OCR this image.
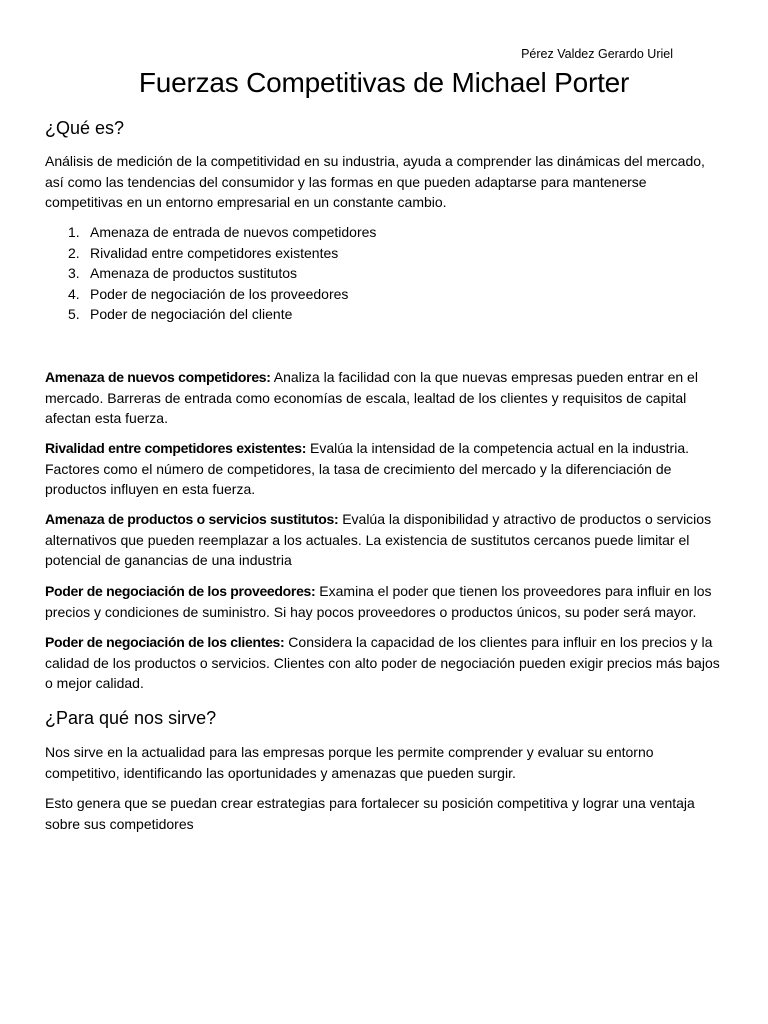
Pérez Valdez Gerardo Uriel
Fuerzas Competitivas de Michael Porter
¿Qué es?

Análisis de medición de la competitividad en su industria, ayuda a comprender las dinámicas del mercado, así como las tendencias del consumidor y las formas en que pueden adaptarse para mantenerse competitivas en un entorno empresarial en un constante cambio.

1. Amenaza de entrada de nuevos competidores
2. Rivalidad entre competidores existentes
3. Amenaza de productos sustitutos
4. Poder de negociación de los proveedores
5. Poder de negociación del cliente

Amenaza de nuevos competidores: Analiza la facilidad con la que nuevas empresas pueden entrar en el mercado. Barreras de entrada como economías de escala, lealtad de los clientes y requisitos de capital afectan esta fuerza.

Rivalidad entre competidores existentes: Evalúa la intensidad de la competencia actual en la industria. Factores como el número de competidores, la tasa de crecimiento del mercado y la diferenciación de productos influyen en esta fuerza.

Amenaza de productos o servicios sustitutos: Evalúa la disponibilidad y atractivo de productos o servicios alternativos que pueden reemplazar a los actuales. La existencia de sustitutos cercanos puede limitar el potencial de ganancias de una industria

Poder de negociación de los proveedores: Examina el poder que tienen los proveedores para influir en los precios y condiciones de suministro. Si hay pocos proveedores o productos únicos, su poder será mayor.

Poder de negociación de los clientes: Considera la capacidad de los clientes para influir en los precios y la calidad de los productos o servicios. Clientes con alto poder de negociación pueden exigir precios más bajos o mejor calidad.

¿Para qué nos sirve?

Nos sirve en la actualidad para las empresas porque les permite comprender y evaluar su entorno competitivo, identificando las oportunidades y amenazas que pueden surgir.

Esto genera que se puedan crear estrategias para fortalecer su posición competitiva y lograr una ventaja sobre sus competidores
